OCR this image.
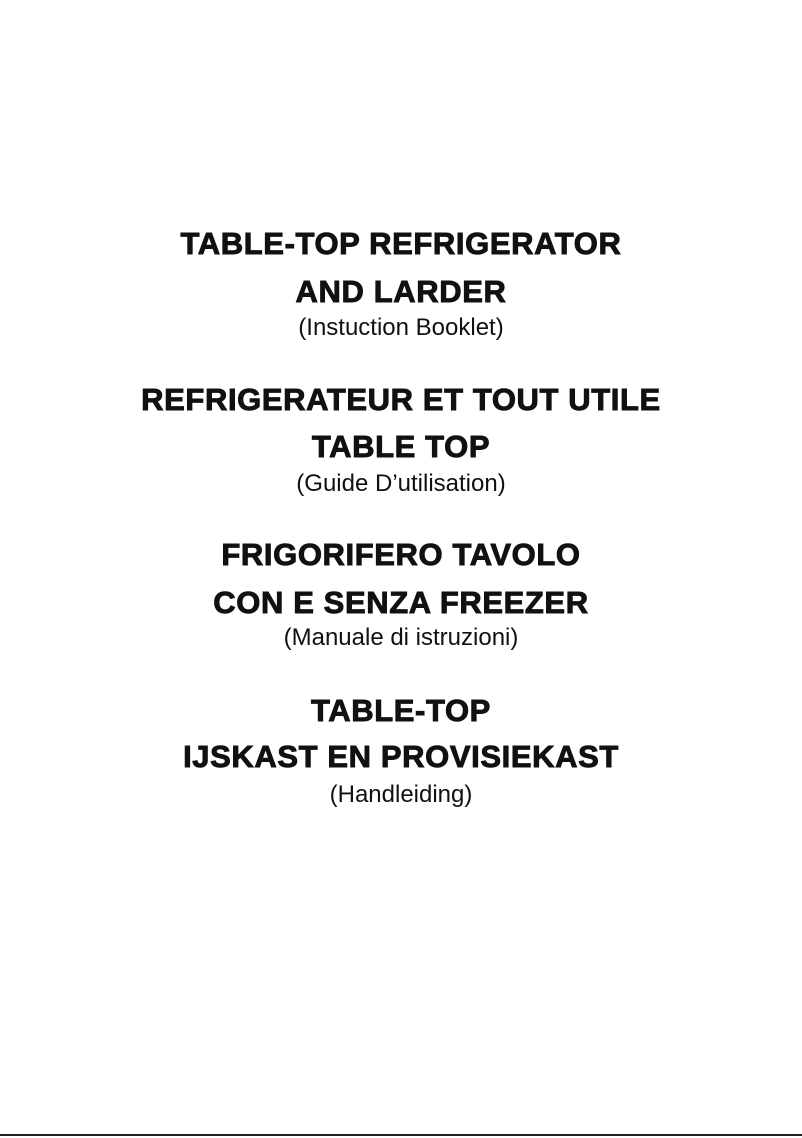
TABLE-TOP REFRIGERATOR
AND LARDER
(Instuction Booklet)
REFRIGERATEUR ET TOUT UTILE
TABLE TOP
(Guide D’utilisation)
FRIGORIFERO TAVOLO
CON E SENZA FREEZER
(Manuale di istruzioni)
TABLE-TOP
IJSKAST EN PROVISIEKAST
(Handleiding)
